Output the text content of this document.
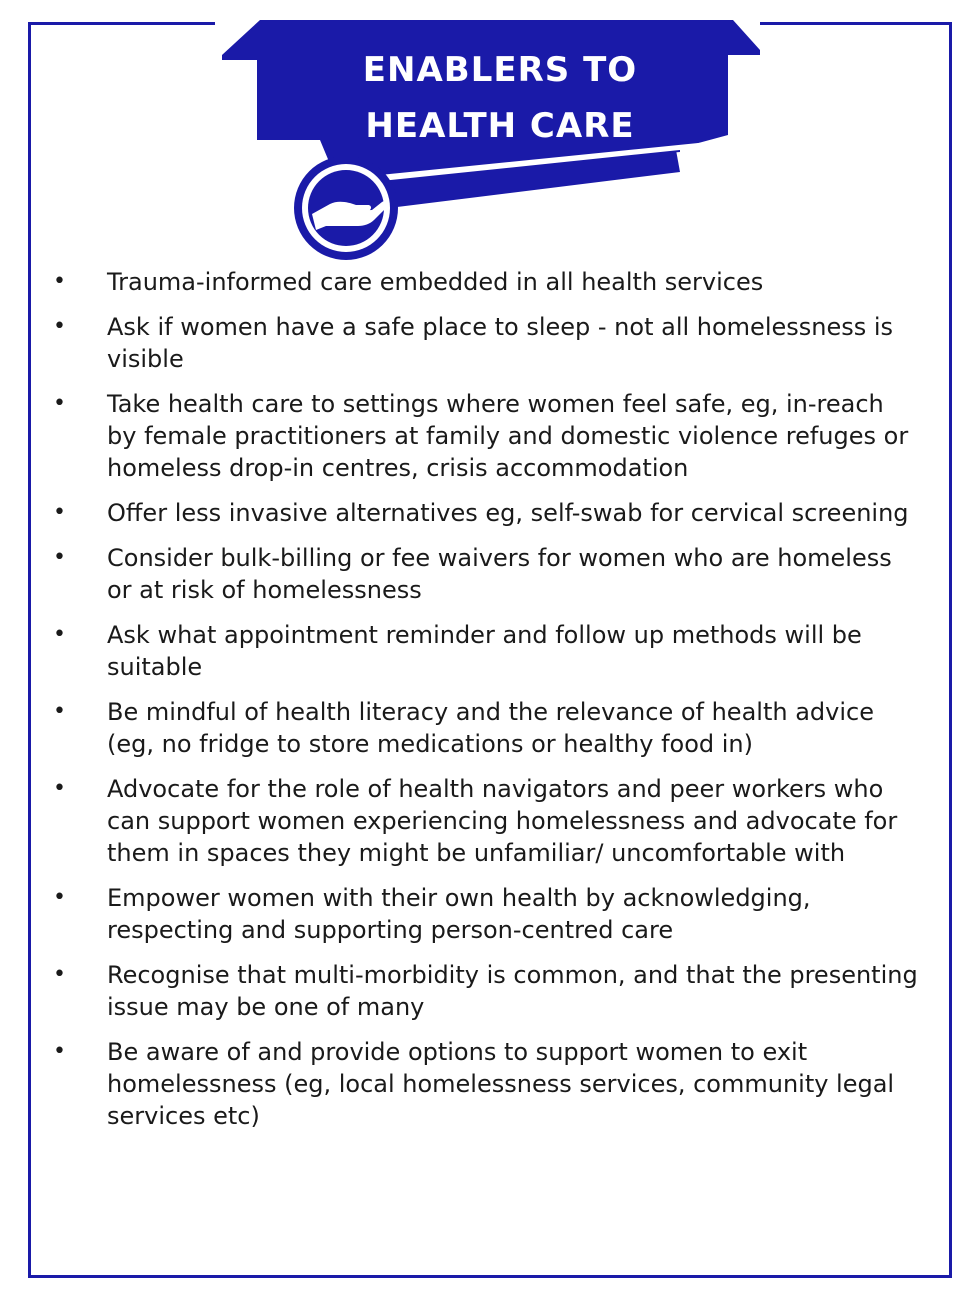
ENABLERS TO
HEALTH CARE
• Trauma-informed care embedded in all health services
• Ask if women have a safe place to sleep - not all homelessness is visible
• Take health care to settings where women feel safe, eg, in-reach by female practitioners at family and domestic violence refuges or homeless drop-in centres, crisis accommodation
• Offer less invasive alternatives eg, self-swab for cervical screening
• Consider bulk-billing or fee waivers for women who are homeless or at risk of homelessness
• Ask what appointment reminder and follow up methods will be suitable
• Be mindful of health literacy and the relevance of health advice (eg, no fridge to store medications or healthy food in)
• Advocate for the role of health navigators and peer workers who can support women experiencing homelessness and advocate for them in spaces they might be unfamiliar/ uncomfortable with
• Empower women with their own health by acknowledging, respecting and supporting person-centred care
• Recognise that multi-morbidity is common, and that the presenting issue may be one of many
• Be aware of and provide options to support women to exit homelessness (eg, local homelessness services, community legal services etc)
